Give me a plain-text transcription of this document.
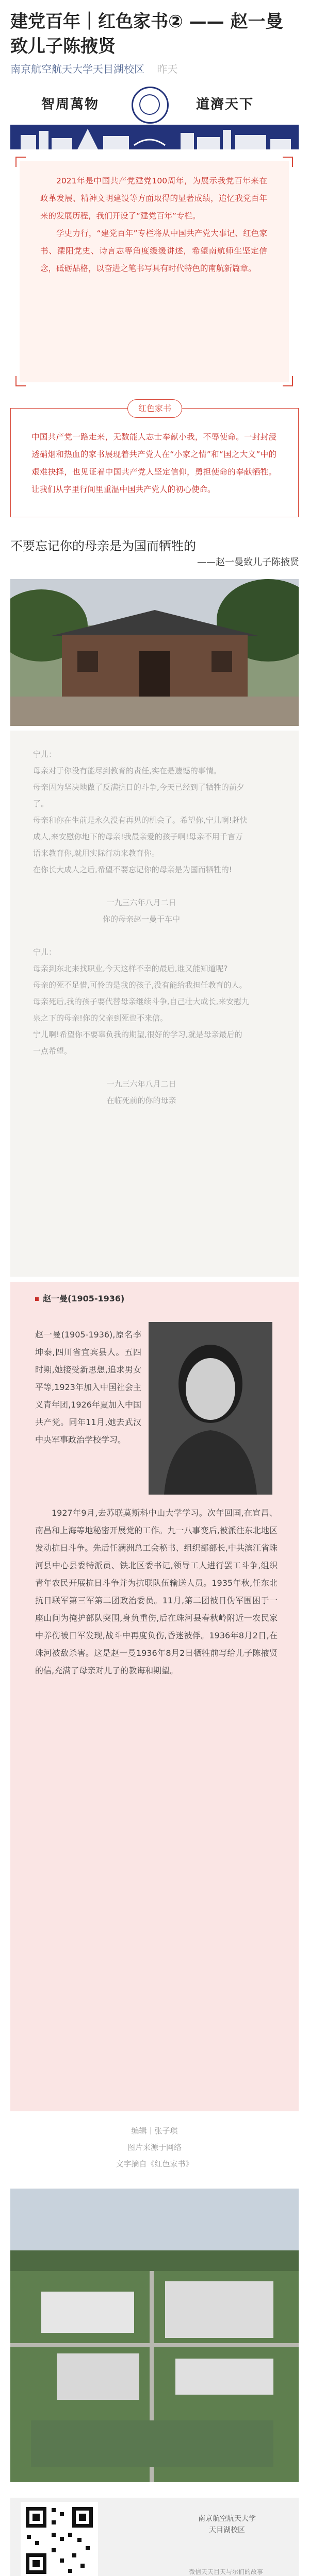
建党百年｜红色家书② —— 赵一曼致儿子陈掖贤
南京航空航天大学天目湖校区 昨天
智周萬物	道濟天下
2021年是中国共产党建党100周年，为展示我党百年来在政革发展、精神文明建设等方面取得的显著成绩，追忆我党百年来的发展历程，我们开设了“建党百年”专栏。
学史力行，“建党百年”专栏将从中国共产党大事记、红色家书、溧阳党史、诗言志等角度缓缓讲述，希望南航师生坚定信念，砥砺品格，以奋进之笔书写具有时代特色的南航新篇章。
中国共产党一路走来，无数能人志士奉献小我，不辱使命。一封封浸透硝烟和热血的家书展现着共产党人在“小家之情”和“国之大义”中的艰难抉择，也见证着中国共产党人坚定信仰，勇担使命的奉献牺牲。让我们从字里行间里重温中国共产党人的初心使命。
红色家书
不要忘记你的母亲是为国而牺牲的
——赵一曼致儿子陈掖贤

宁儿：

母亲对于你没有能尽到教育的责任,实在是遗憾的事情。

母亲因为坚决地做了反满抗日的斗争,今天已经到了牺牲的前夕了。

母亲和你在生前是永久没有再见的机会了。希望你,宁儿啊!赶快成人,来安慰你地下的母亲!我最亲爱的孩子啊!母亲不用千言万语来教育你,就用实际行动来教育你。

在你长大成人之后,希望不要忘记你的母亲是为国而牺牲的!

一九三六年八月二日

你的母亲赵一曼于车中

宁儿：

母亲到东北来找职业,今天这样不幸的最后,谁又能知道呢?

母亲的死不足惜,可怜的是我的孩子,没有能给我担任教育的人。母亲死后,我的孩子要代替母亲继续斗争,自己壮大成长,来安慰九泉之下的母亲!你的父亲到死也不来信。

宁儿啊!希望你不要辜负我的期望,很好的学习,就是母亲最后的一点希望。

一九三六年八月二日

在临死前的你的母亲

赵一曼(1905-1936)
赵一曼(1905-1936),原名李坤泰,四川省宜宾县人。五四时期,她接受新思想,追求男女平等,1923年加入中国社会主义青年团,1926年夏加入中国共产党。同年11月,她去武汉中央军事政治学校学习。
1927年9月,去苏联莫斯科中山大学学习。次年回国,在宜昌、南昌和上海等地秘密开展党的工作。九一八事变后,被派往东北地区发动抗日斗争。先后任满洲总工会秘书、组织部部长,中共滨江省珠河县中心县委特派员、铁北区委书记,领导工人进行罢工斗争,组织青年农民开展抗日斗争并为抗联队伍输送人员。1935年秋,任东北抗日联军第三军第二团政治委员。11月,第二团被日伪军围困于一座山间为掩护部队突围,身负重伤,后在珠河县春秋岭附近一农民家中养伤被日军发现,战斗中再度负伤,昏迷被俘。1936年8月2日,在珠河被敌杀害。这是赵一曼1936年8月2日牺牲前写给儿子陈掖贤的信,充满了母亲对儿子的教诲和期望。
编辑｜张子琪
图片来源于网络
文字摘自《红色家书》
南京航空航天大学
天目湖校区
微信天天目天与尔们的故事
